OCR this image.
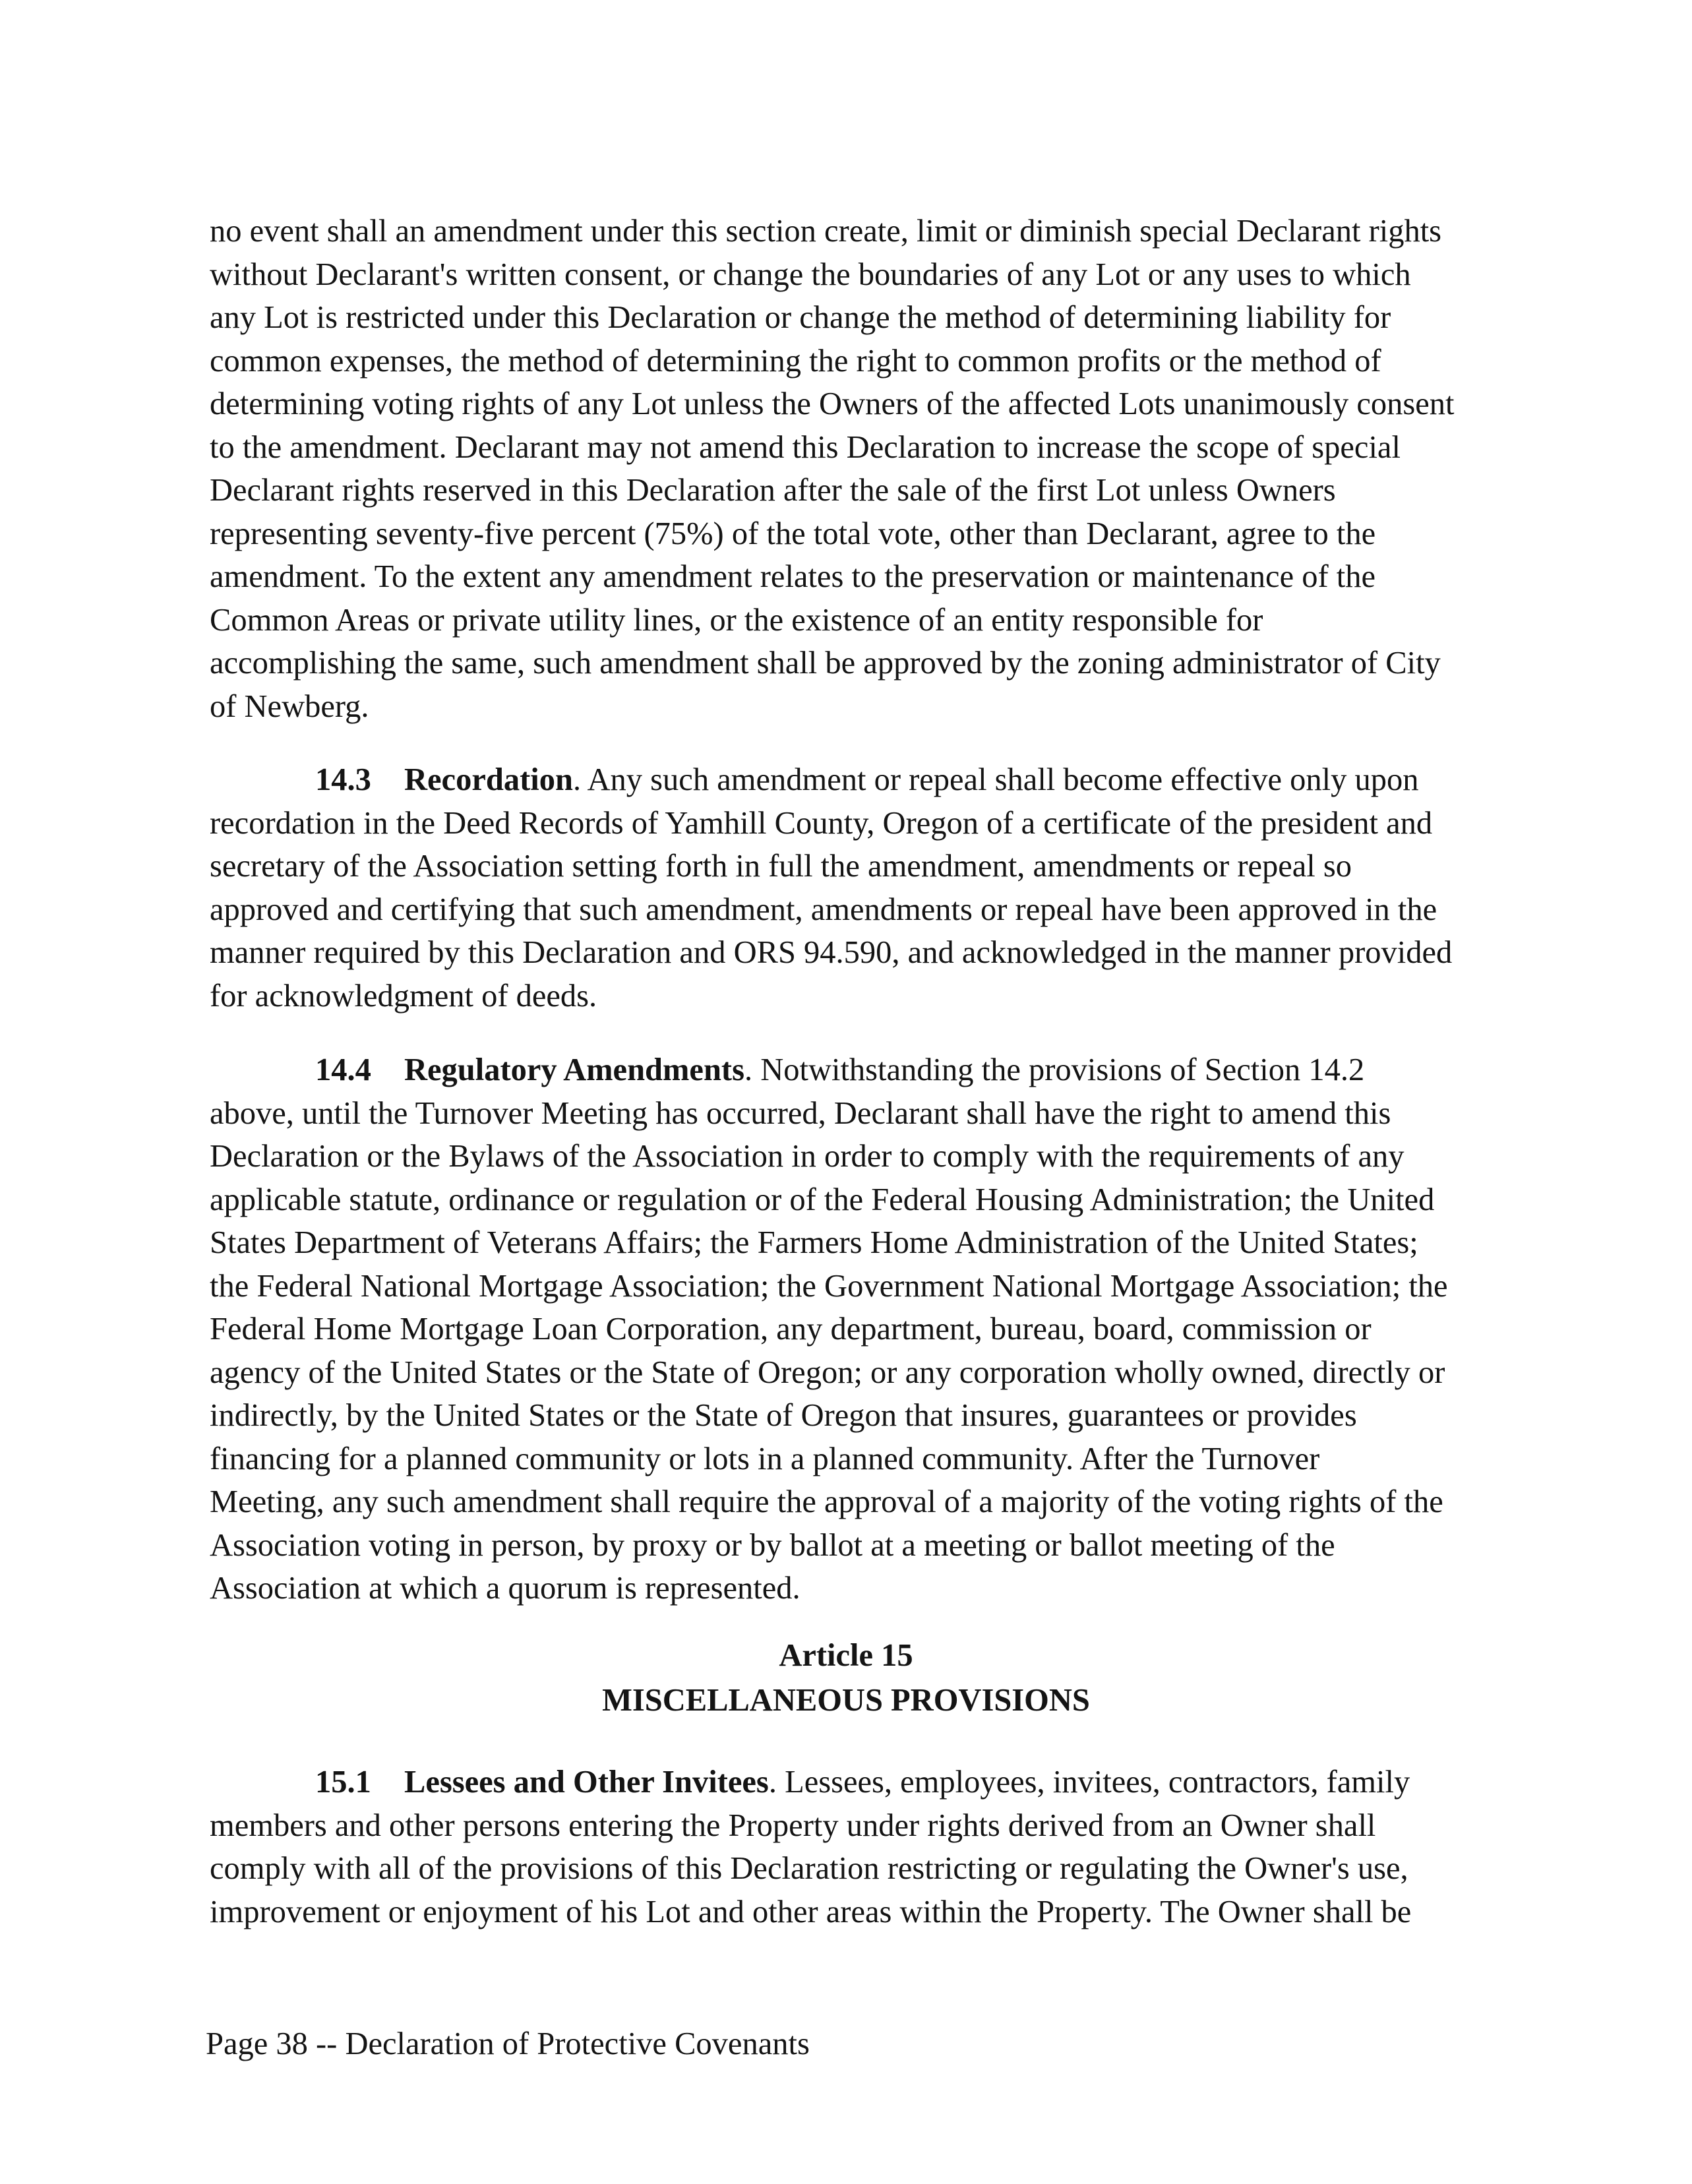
no event shall an amendment under this section create, limit or diminish special Declarant rights
without Declarant's written consent, or change the boundaries of any Lot or any uses to which
any Lot is restricted under this Declaration or change the method of determining liability for
common expenses, the method of determining the right to common profits or the method of
determining voting rights of any Lot unless the Owners of the affected Lots unanimously consent
to the amendment. Declarant may not amend this Declaration to increase the scope of special
Declarant rights reserved in this Declaration after the sale of the first Lot unless Owners
representing seventy-five percent (75%) of the total vote, other than Declarant, agree to the
amendment. To the extent any amendment relates to the preservation or maintenance of the
Common Areas or private utility lines, or the existence of an entity responsible for
accomplishing the same, such amendment shall be approved by the zoning administrator of City
of Newberg.

14.3 Recordation. Any such amendment or repeal shall become effective only upon
recordation in the Deed Records of Yamhill County, Oregon of a certificate of the president and
secretary of the Association setting forth in full the amendment, amendments or repeal so
approved and certifying that such amendment, amendments or repeal have been approved in the
manner required by this Declaration and ORS 94.590, and acknowledged in the manner provided
for acknowledgment of deeds.

14.4 Regulatory Amendments. Notwithstanding the provisions of Section 14.2
above, until the Turnover Meeting has occurred, Declarant shall have the right to amend this
Declaration or the Bylaws of the Association in order to comply with the requirements of any
applicable statute, ordinance or regulation or of the Federal Housing Administration; the United
States Department of Veterans Affairs; the Farmers Home Administration of the United States;
the Federal National Mortgage Association; the Government National Mortgage Association; the
Federal Home Mortgage Loan Corporation, any department, bureau, board, commission or
agency of the United States or the State of Oregon; or any corporation wholly owned, directly or
indirectly, by the United States or the State of Oregon that insures, guarantees or provides
financing for a planned community or lots in a planned community. After the Turnover
Meeting, any such amendment shall require the approval of a majority of the voting rights of the
Association voting in person, by proxy or by ballot at a meeting or ballot meeting of the
Association at which a quorum is represented.

Article 15

MISCELLANEOUS PROVISIONS

15.1 Lessees and Other Invitees. Lessees, employees, invitees, contractors, family
members and other persons entering the Property under rights derived from an Owner shall
comply with all of the provisions of this Declaration restricting or regulating the Owner's use,
improvement or enjoyment of his Lot and other areas within the Property. The Owner shall be

Page 38 -- Declaration of Protective Covenants
